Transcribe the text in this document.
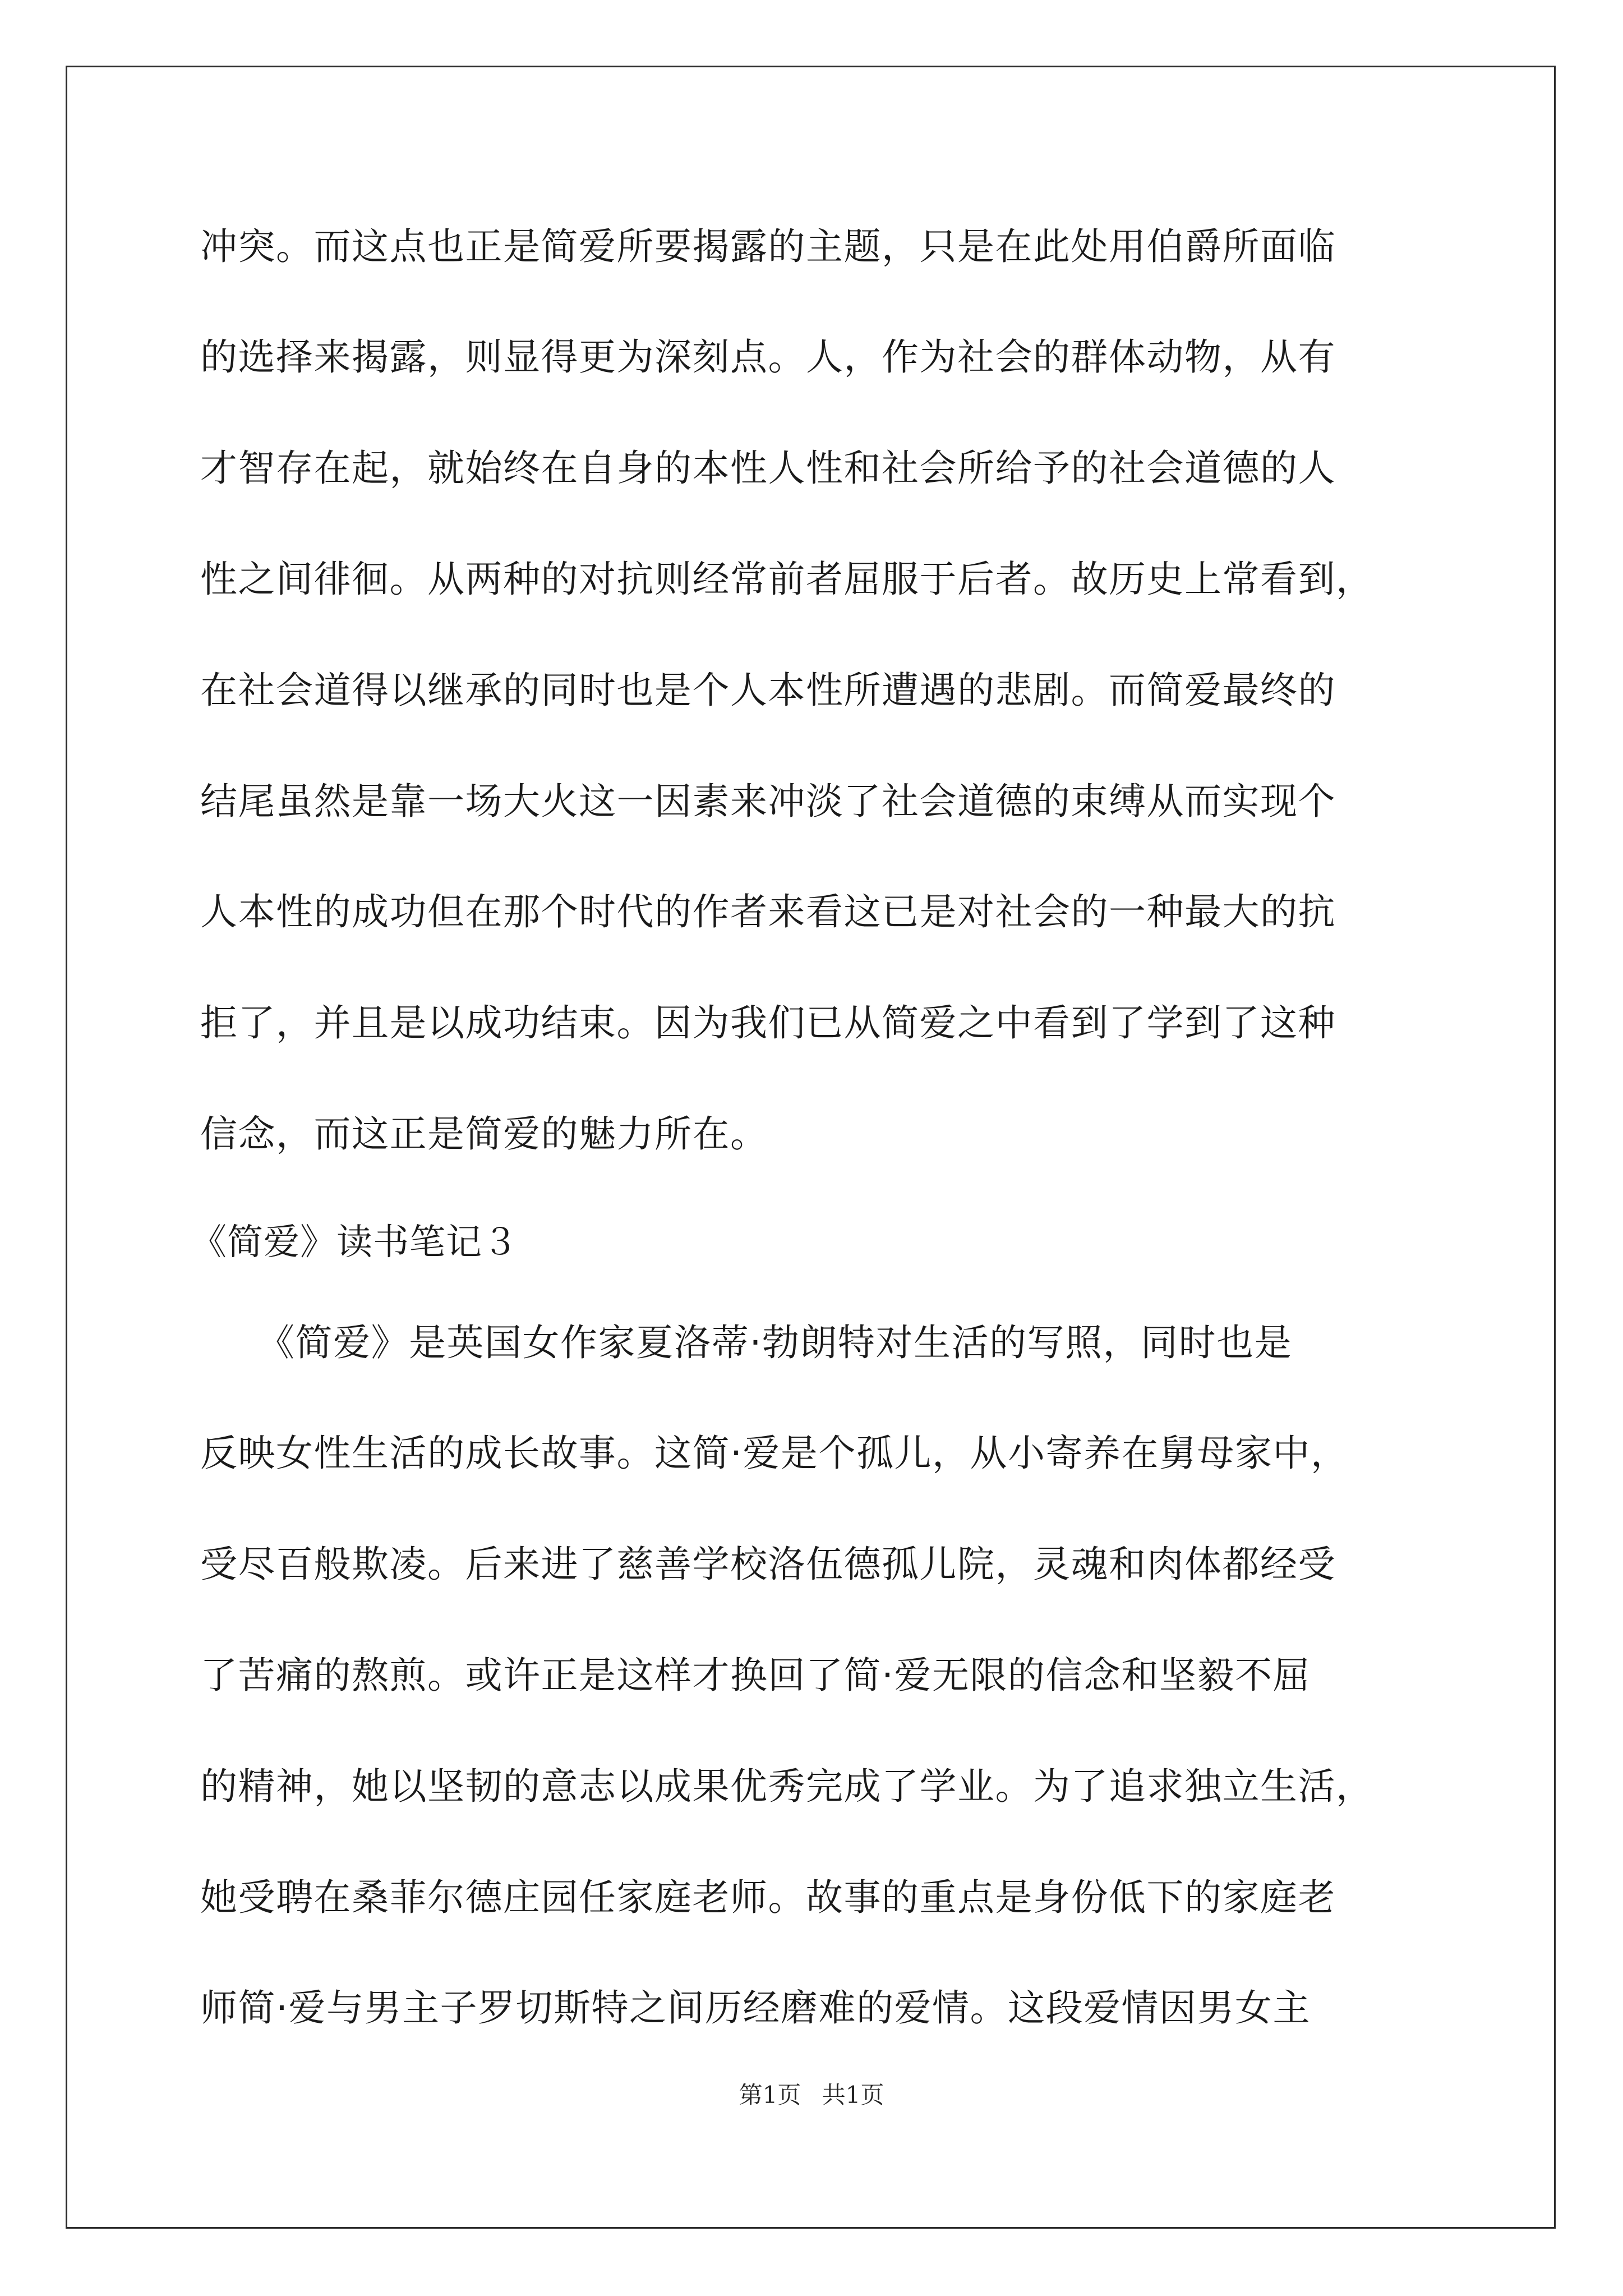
冲突。而这点也正是简爱所要揭露的主题，只是在此处用伯爵所面临
的选择来揭露，则显得更为深刻点。人，作为社会的群体动物，从有
才智存在起，就始终在自身的本性人性和社会所给予的社会道德的人
性之间徘徊。从两种的对抗则经常前者屈服于后者。故历史上常看到，
在社会道得以继承的同时也是个人本性所遭遇的悲剧。而简爱最终的
结尾虽然是靠一场大火这一因素来冲淡了社会道德的束缚从而实现个
人本性的成功但在那个时代的作者来看这已是对社会的一种最大的抗
拒了，并且是以成功结束。因为我们已从简爱之中看到了学到了这种
信念，而这正是简爱的魅力所在。
《简爱》读书笔记３
　　《简爱》是英国女作家夏洛蒂·勃朗特对生活的写照，同时也是
反映女性生活的成长故事。这简·爱是个孤儿，从小寄养在舅母家中，
受尽百般欺凌。后来进了慈善学校洛伍德孤儿院，灵魂和肉体都经受
了苦痛的熬煎。或许正是这样才换回了简·爱无限的信念和坚毅不屈
的精神，她以坚韧的意志以成果优秀完成了学业。为了追求独立生活，
她受聘在桑菲尔德庄园任家庭老师。故事的重点是身份低下的家庭老
师简·爱与男主子罗切斯特之间历经磨难的爱情。这段爱情因男女主
第1页 共1页
